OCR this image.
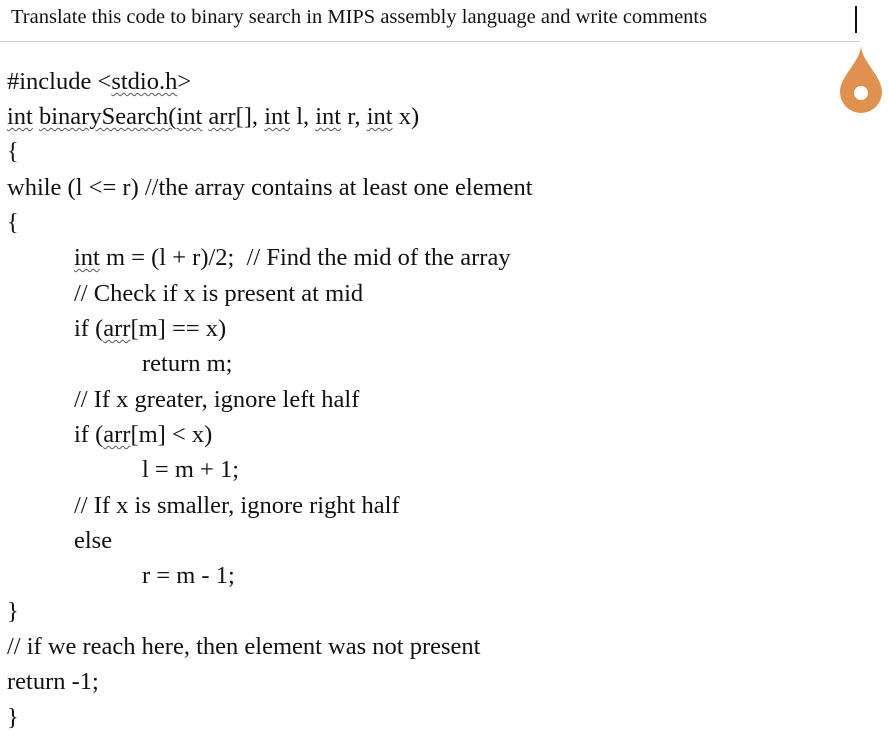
Translate this code to binary search in MIPS assembly language and write comments
#include <stdio.h>
int binarySearch(int arr[], int l, int r, int x)
{
while (l <= r) //the array contains at least one element
{
int m = (l + r)/2;  // Find the mid of the array
// Check if x is present at mid
if (arr[m] == x)
return m;
// If x greater, ignore left half
if (arr[m] < x)
l = m + 1;
// If x is smaller, ignore right half
else
r = m - 1;
}
// if we reach here, then element was not present
return -1;
}
